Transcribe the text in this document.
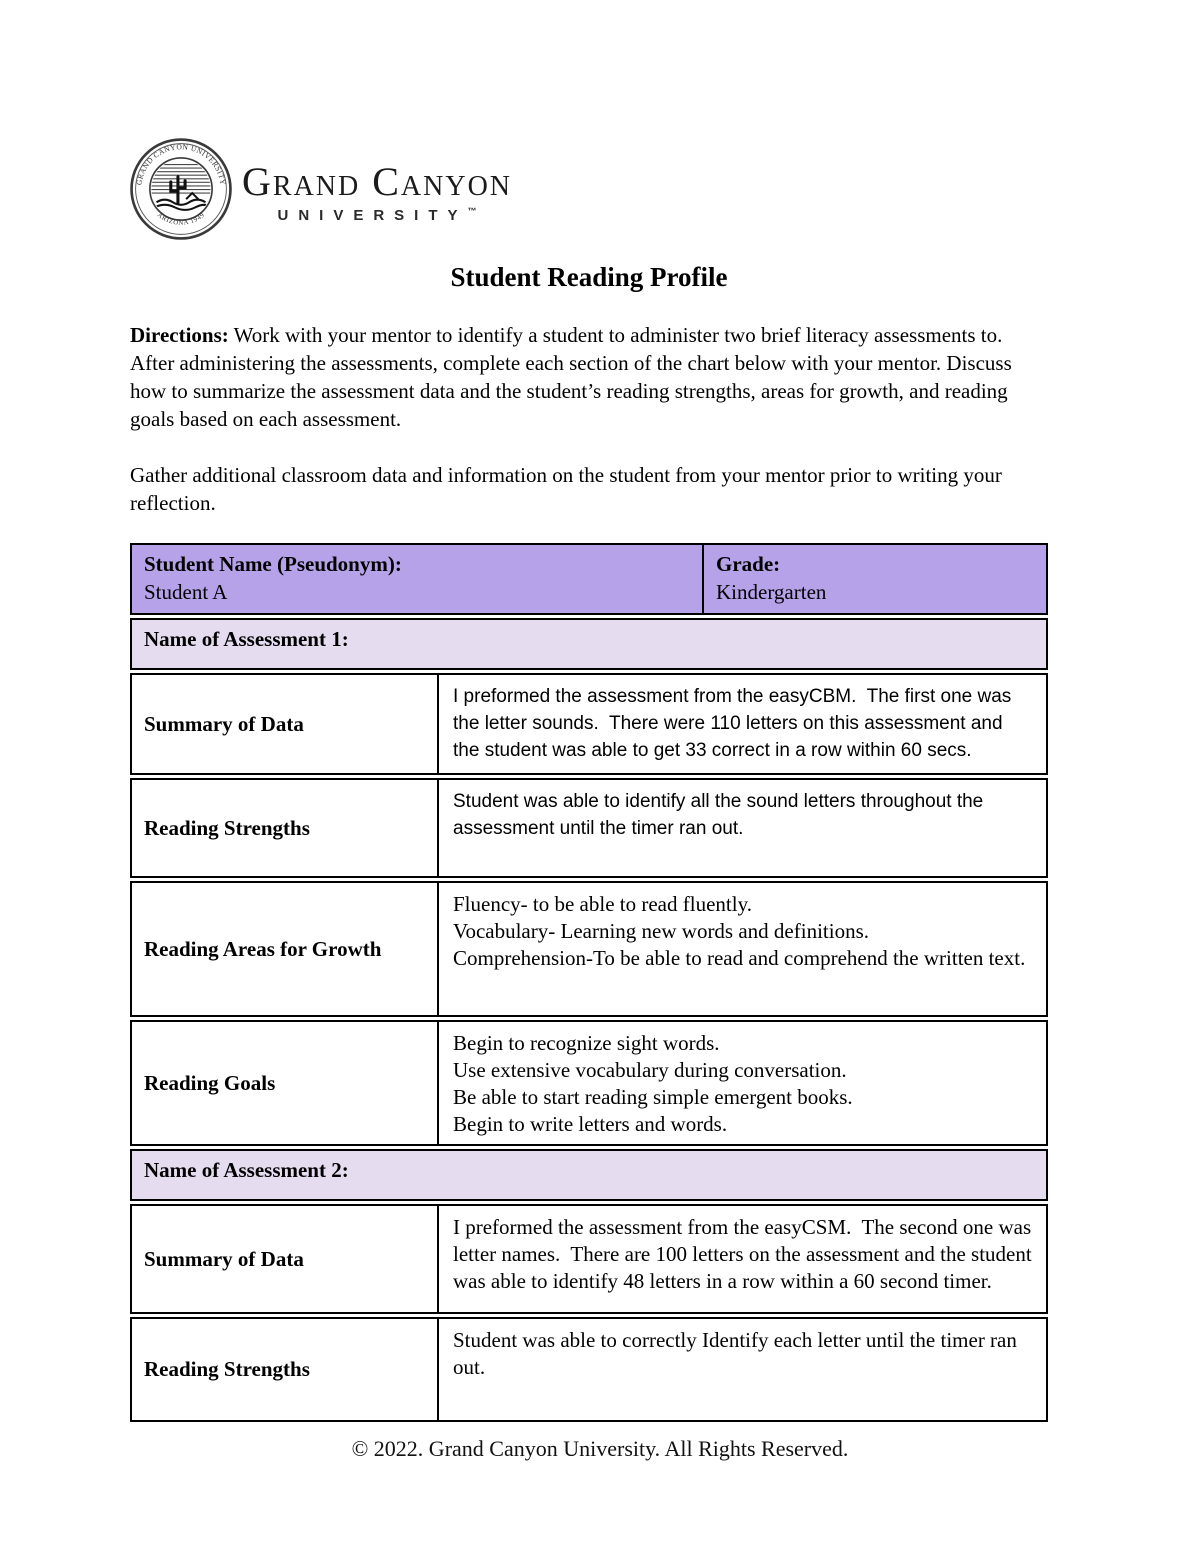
GRAND CANYON UNIVERSITY
ARIZONA 1949
Grand Canyon
UNIVERSITY™
Student Reading Profile

Directions: Work with your mentor to identify a student to administer two brief literacy assessments to. After administering the assessments, complete each section of the chart below with your mentor. Discuss how to summarize the assessment data and the student’s reading strengths, areas for growth, and reading goals based on each assessment.

Gather additional classroom data and information on the student from your mentor prior to writing your reflection.

Student Name (Pseudonym):
Student A
Grade:
Kindergarten
Name of Assessment 1:
Summary of Data
I preformed the assessment from the easyCBM.  The first one was the letter sounds.  There were 110 letters on this assessment and the student was able to get 33 correct in a row within 60 secs.
Reading Strengths
Student was able to identify all the sound letters throughout the assessment until the timer ran out.
Reading Areas for Growth
Fluency- to be able to read fluently.
Vocabulary- Learning new words and definitions.
Comprehension-To be able to read and comprehend the written text.
Reading Goals
Begin to recognize sight words.
Use extensive vocabulary during conversation.
Be able to start reading simple emergent books.
Begin to write letters and words.
Name of Assessment 2:
Summary of Data
I preformed the assessment from the easyCSM.  The second one was letter names.  There are 100 letters on the assessment and the student was able to identify 48 letters in a row within a 60 second timer.
Reading Strengths
Student was able to correctly Identify each letter until the timer ran out.
© 2022. Grand Canyon University. All Rights Reserved.
